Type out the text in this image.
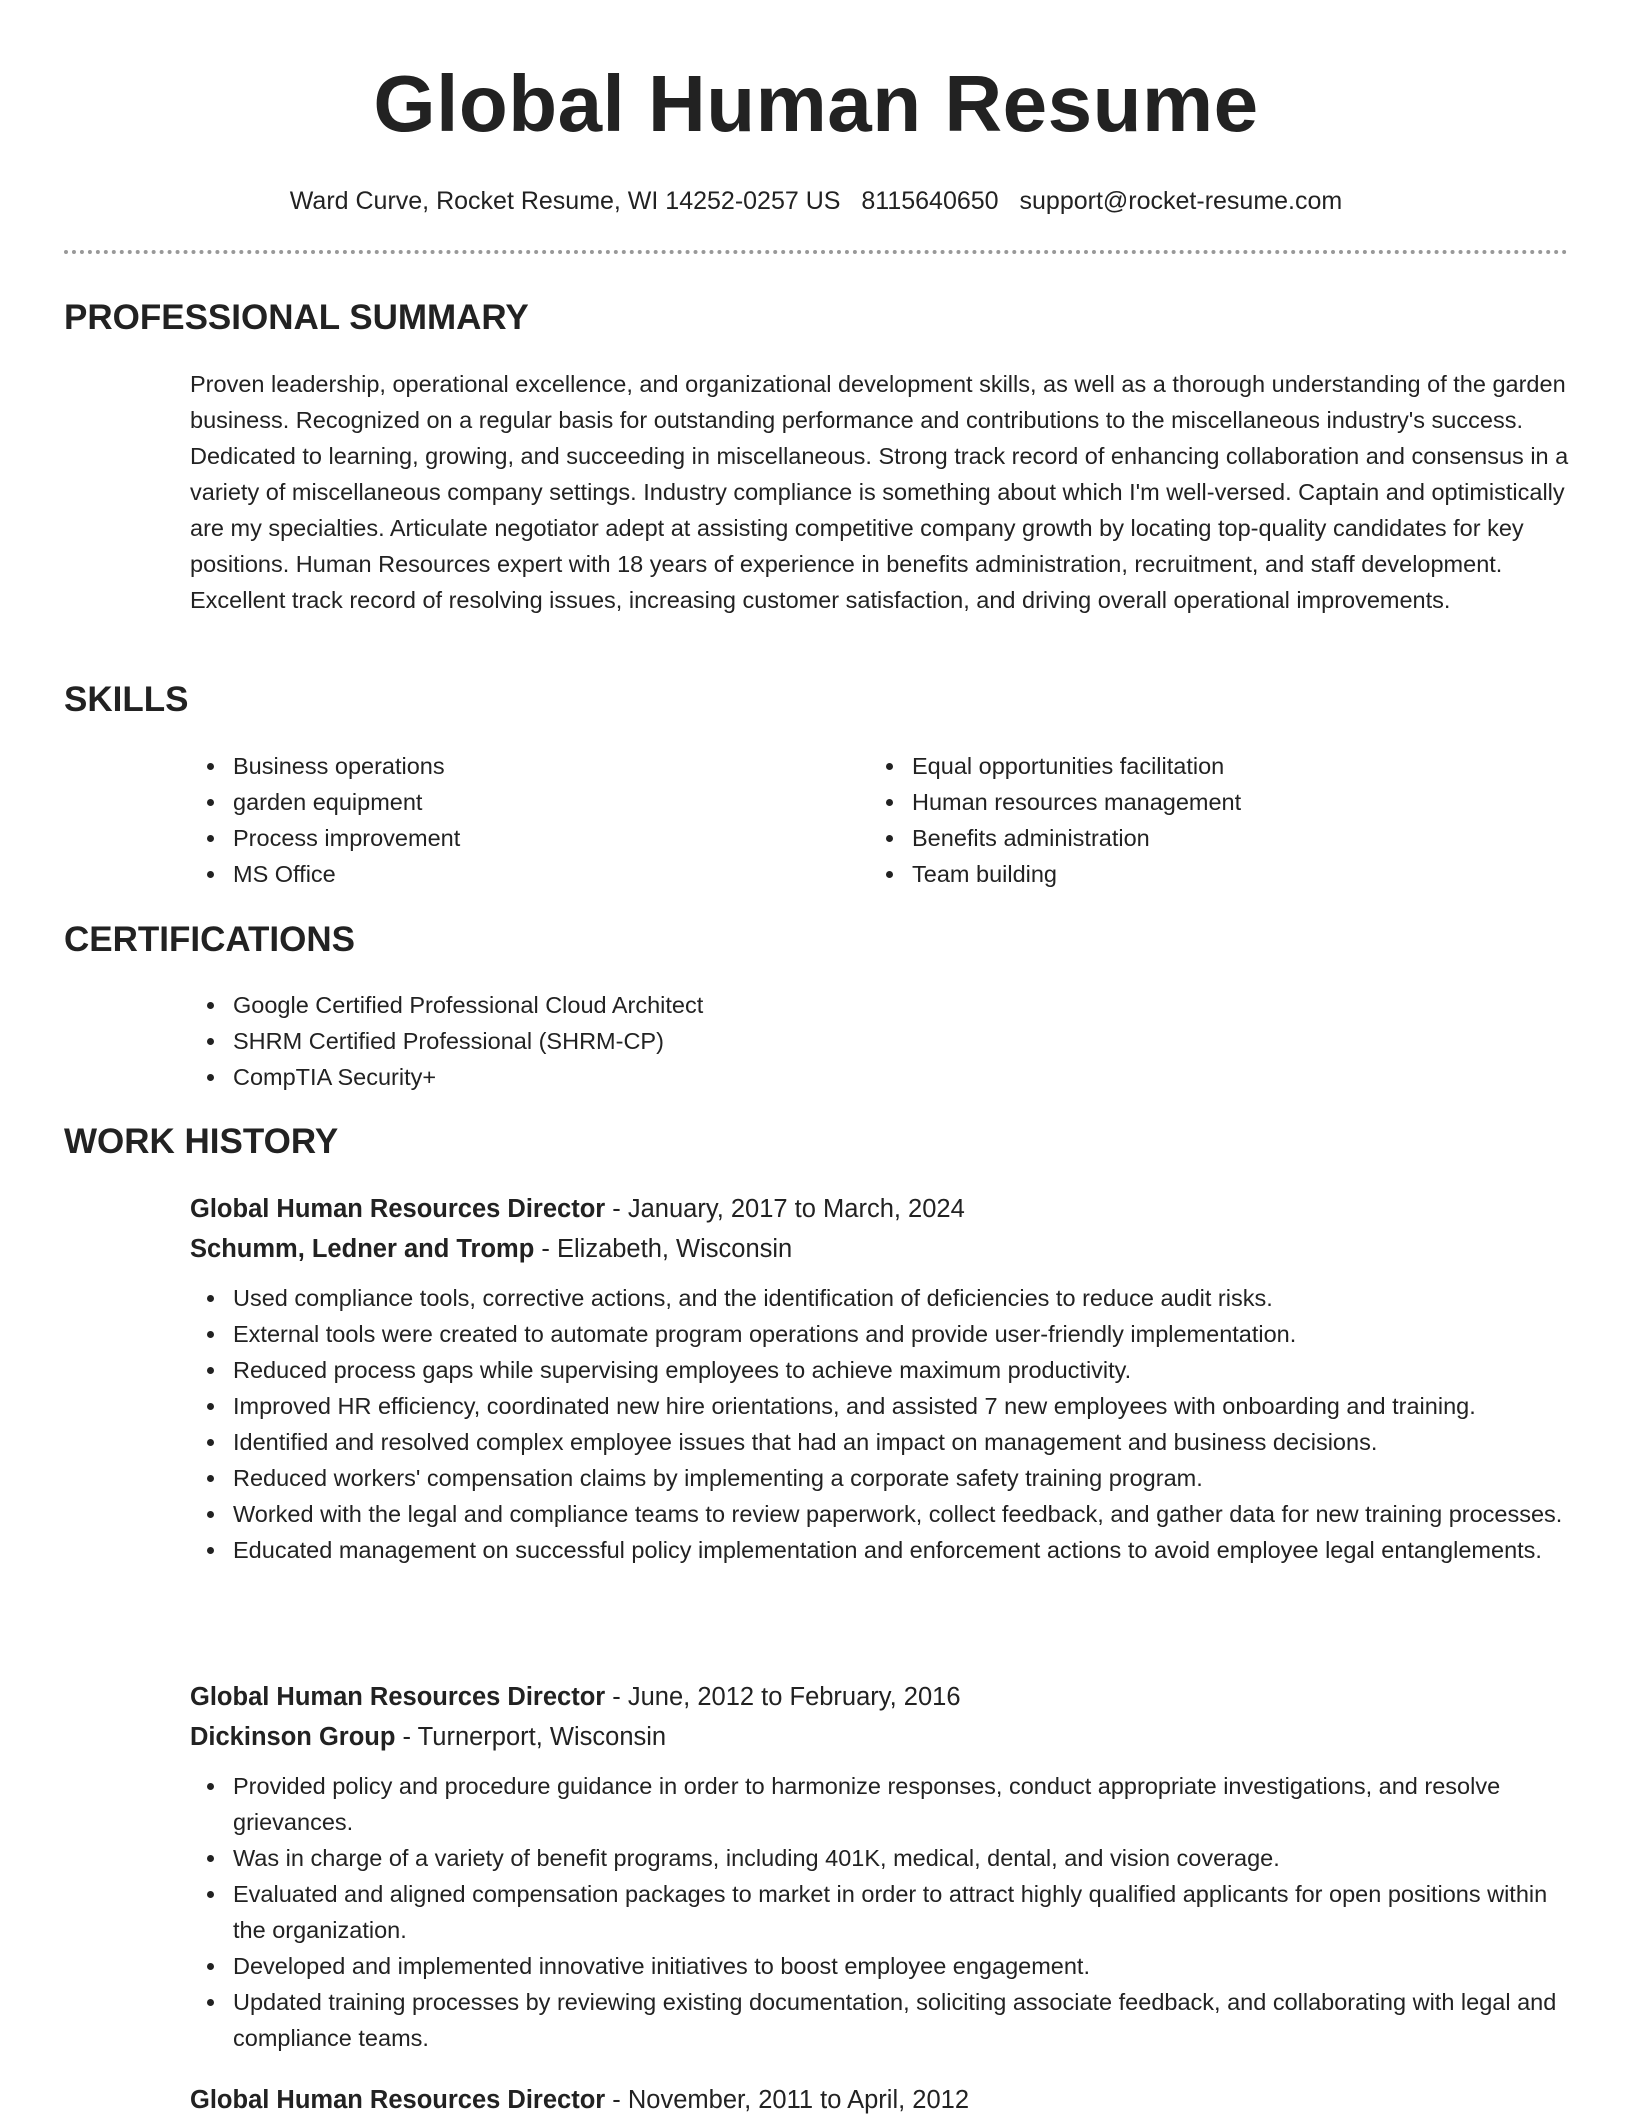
Global Human Resume
Ward Curve, Rocket Resume, WI 14252-0257 US 8115640650 support@rocket-resume.com
PROFESSIONAL SUMMARY

Proven leadership, operational excellence, and organizational development skills, as well as a thorough understanding of the garden business. Recognized on a regular basis for outstanding performance and contributions to the miscellaneous industry's success. Dedicated to learning, growing, and succeeding in miscellaneous. Strong track record of enhancing collaboration and consensus in a variety of miscellaneous company settings. Industry compliance is something about which I'm well-versed. Captain and optimistically are my specialties. Articulate negotiator adept at assisting competitive company growth by locating top-quality candidates for key positions. Human Resources expert with 18 years of experience in benefits administration, recruitment, and staff development. Excellent track record of resolving issues, increasing customer satisfaction, and driving overall operational improvements.

SKILLS
Business operations
garden equipment
Process improvement
MS Office
Equal opportunities facilitation
Human resources management
Benefits administration
Team building
CERTIFICATIONS
Google Certified Professional Cloud Architect
SHRM Certified Professional (SHRM-CP)
CompTIA Security+
WORK HISTORY
Global Human Resources Director - January, 2017 to March, 2024
Schumm, Ledner and Tromp - Elizabeth, Wisconsin
Used compliance tools, corrective actions, and the identification of deficiencies to reduce audit risks.
External tools were created to automate program operations and provide user-friendly implementation.
Reduced process gaps while supervising employees to achieve maximum productivity.
Improved HR efficiency, coordinated new hire orientations, and assisted 7 new employees with onboarding and training.
Identified and resolved complex employee issues that had an impact on management and business decisions.
Reduced workers' compensation claims by implementing a corporate safety training program.
Worked with the legal and compliance teams to review paperwork, collect feedback, and gather data for new training processes.
Educated management on successful policy implementation and enforcement actions to avoid employee legal entanglements.
Global Human Resources Director - June, 2012 to February, 2016
Dickinson Group - Turnerport, Wisconsin
Provided policy and procedure guidance in order to harmonize responses, conduct appropriate investigations, and resolve grievances.
Was in charge of a variety of benefit programs, including 401K, medical, dental, and vision coverage.
Evaluated and aligned compensation packages to market in order to attract highly qualified applicants for open positions within the organization.
Developed and implemented innovative initiatives to boost employee engagement.
Updated training processes by reviewing existing documentation, soliciting associate feedback, and collaborating with legal and compliance teams.
Global Human Resources Director - November, 2011 to April, 2012
